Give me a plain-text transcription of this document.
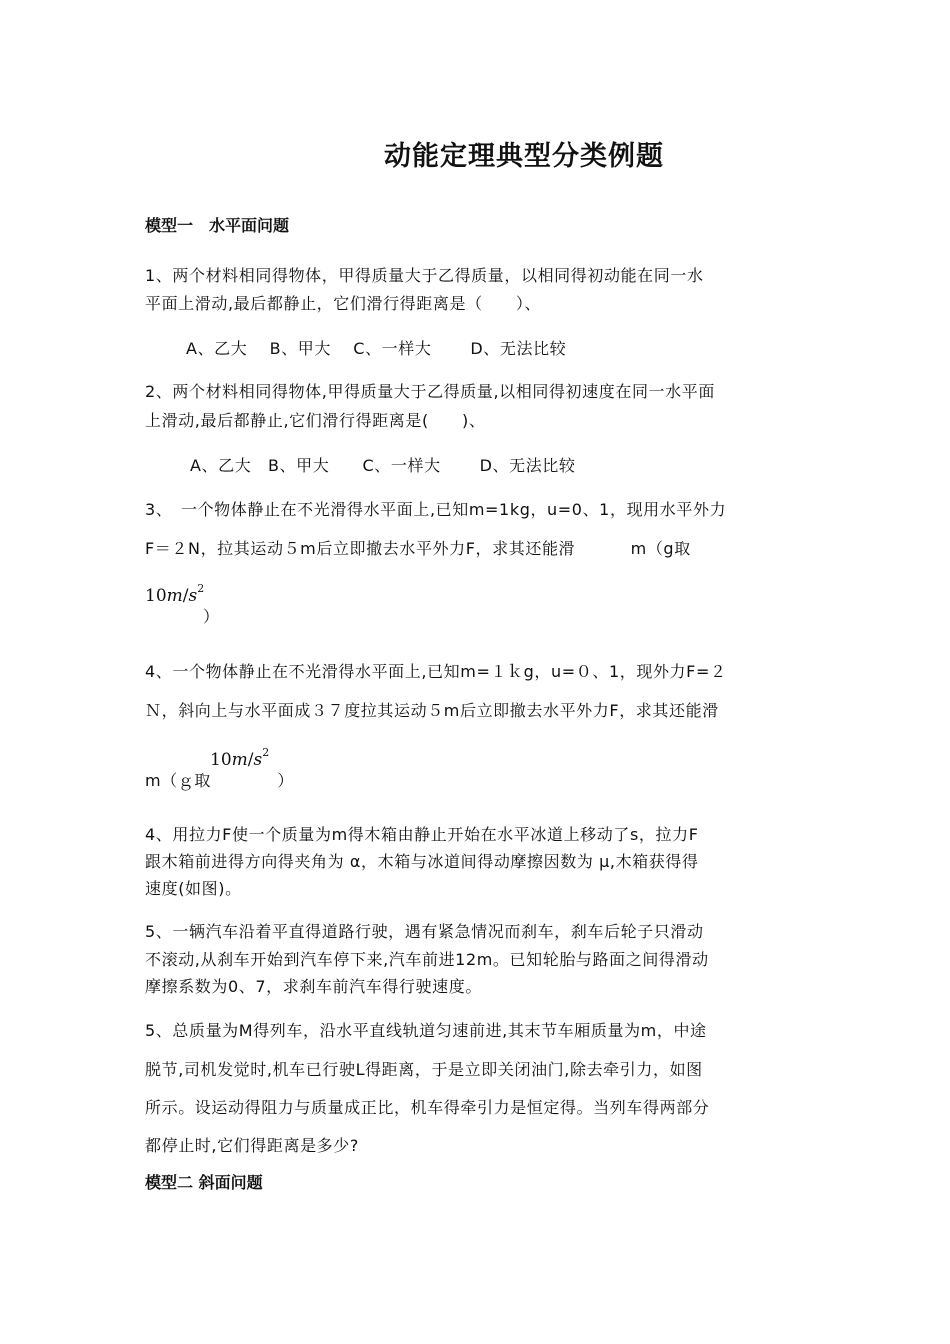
动能定理典型分类例题
模型一　水平面问题
1、两个材料相同得物体，甲得质量大于乙得质量，以相同得初动能在同一水
平面上滑动,最后都静止，它们滑行得距离是（　　）、
A、乙大　 B、甲大　 C、一样大　　 D、无法比较
2、两个材料相同得物体,甲得质量大于乙得质量,以相同得初速度在同一水平面
上滑动,最后都静止,它们滑行得距离是(　　)、
A、乙大　B、甲大　　C、一样大　　 D、无法比较
3、　一个物体静止在不光滑得水平面上,已知m=1kg，u=0、1，现用水平外力
F＝２N，拉其运动５m后立即撤去水平外力F，求其还能滑　　　 m（g取
$10m/s^2$
）
4、一个物体静止在不光滑得水平面上,已知m=１ｋg，u=０、1，现外力F=２
Ｎ，斜向上与水平面成３７度拉其运动５m后立即撤去水平外力F，求其还能滑
$10m/s^2$
m（ｇ取　　　　）
4、用拉力F使一个质量为m得木箱由静止开始在水平冰道上移动了s，拉力F
跟木箱前进得方向得夹角为 α，木箱与冰道间得动摩擦因数为 μ,木箱获得得
速度(如图)。
5、一辆汽车沿着平直得道路行驶，遇有紧急情况而刹车，刹车后轮子只滑动
不滚动,从刹车开始到汽车停下来,汽车前进12m。已知轮胎与路面之间得滑动
摩擦系数为0、7，求刹车前汽车得行驶速度。
5、总质量为M得列车，沿水平直线轨道匀速前进,其末节车厢质量为m，中途
脱节,司机发觉时,机车已行驶L得距离，于是立即关闭油门,除去牵引力，如图
所示。设运动得阻力与质量成正比，机车得牵引力是恒定得。当列车得两部分
都停止时,它们得距离是多少?
模型二 斜面问题
